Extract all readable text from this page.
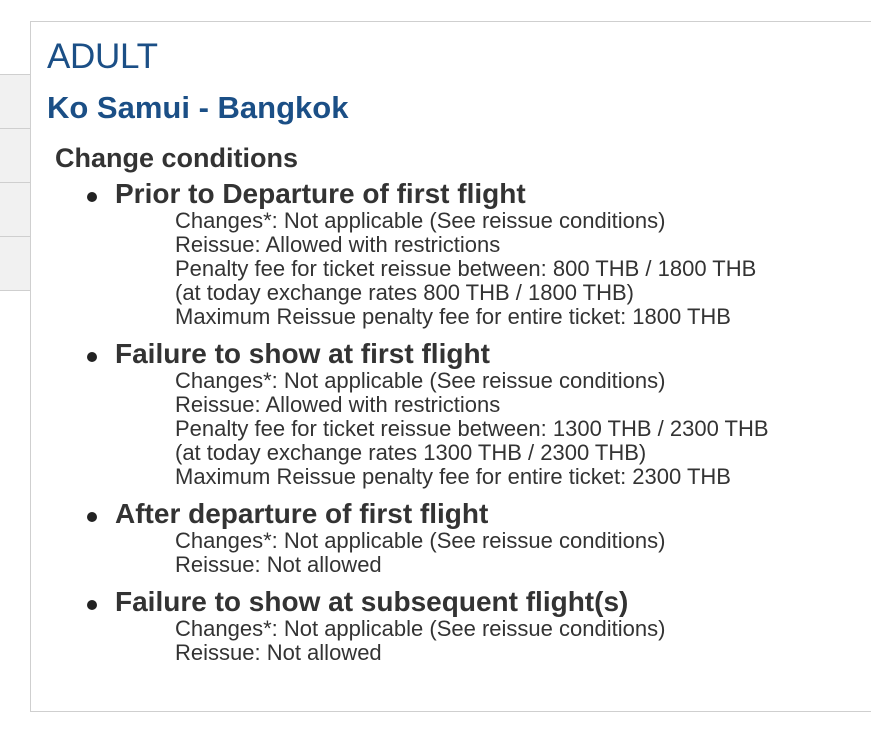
ADULT
Ko Samui - Bangkok
Change conditions
Prior to Departure of first flight
Changes*: Not applicable (See reissue conditions)
Reissue: Allowed with restrictions
Penalty fee for ticket reissue between: 800 THB / 1800 THB
(at today exchange rates 800 THB / 1800 THB)
Maximum Reissue penalty fee for entire ticket: 1800 THB
Failure to show at first flight
Changes*: Not applicable (See reissue conditions)
Reissue: Allowed with restrictions
Penalty fee for ticket reissue between: 1300 THB / 2300 THB
(at today exchange rates 1300 THB / 2300 THB)
Maximum Reissue penalty fee for entire ticket: 2300 THB
After departure of first flight
Changes*: Not applicable (See reissue conditions)
Reissue: Not allowed
Failure to show at subsequent flight(s)
Changes*: Not applicable (See reissue conditions)
Reissue: Not allowed
